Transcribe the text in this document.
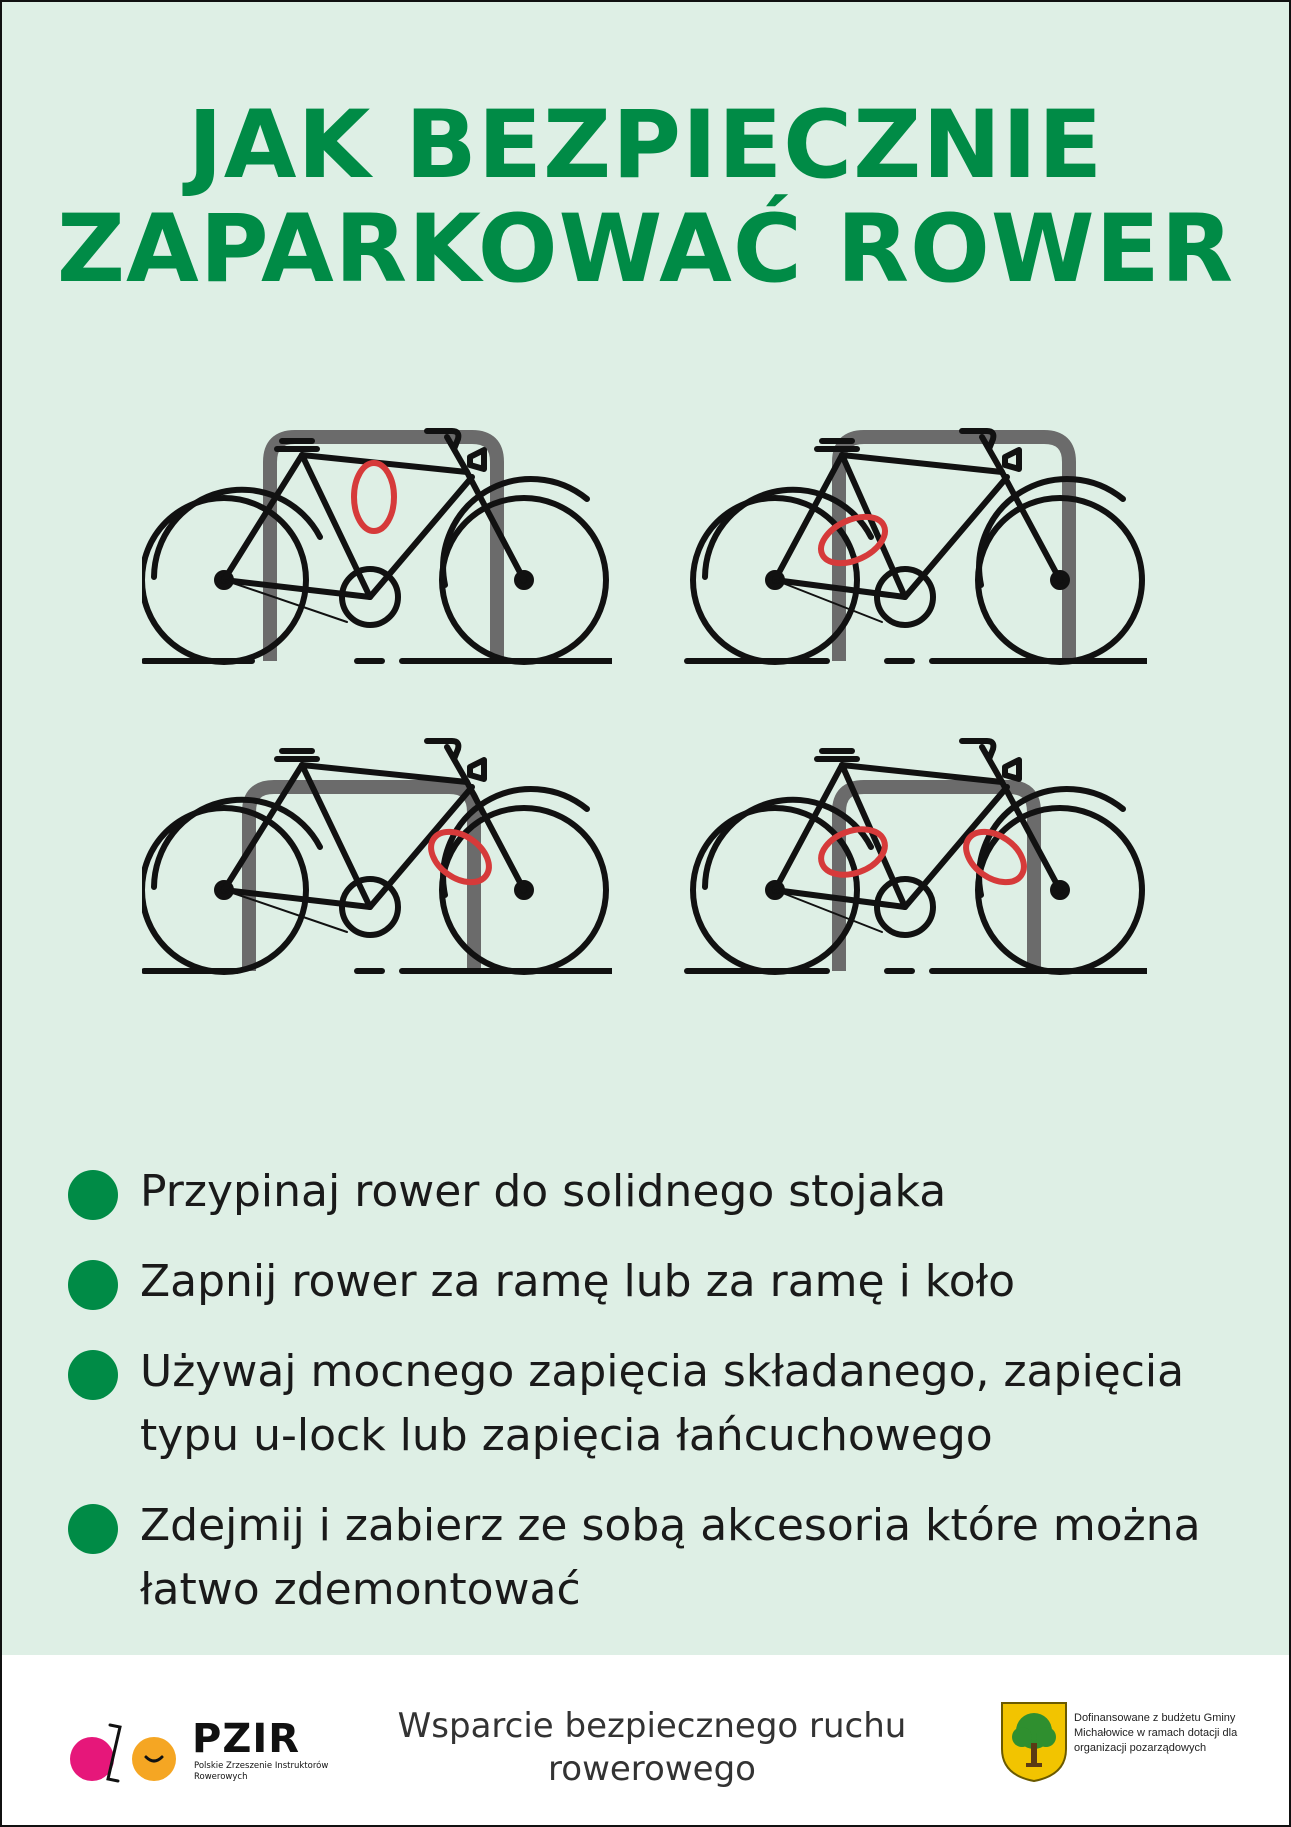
JAK BEZPIECZNIE
ZAPARKOWAĆ ROWER
Przypinaj rower do solidnego stojaka
Zapnij rower za ramę lub za ramę i koło
Używaj mocnego zapięcia składanego, zapięcia typu u-lock lub zapięcia łańcuchowego
Zdejmij i zabierz ze sobą akcesoria które można łatwo zdemontować
PZIR
Polskie Zrzeszenie Instruktorów Rowerowych
Wsparcie bezpiecznego ruchu rowerowego
Dofinansowane z budżetu Gminy Michałowice w ramach dotacji dla organizacji pozarządowych
